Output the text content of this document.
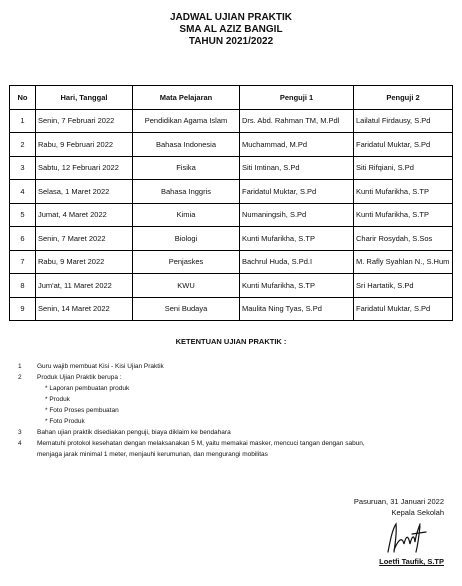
JADWAL UJIAN PRAKTIK
SMA AL AZIZ BANGIL
TAHUN 2021/2022
No	Hari, Tanggal	Mata Pelajaran	Penguji 1	Penguji 2
1	Senin, 7 Februari 2022	Pendidikan Agama Islam	Drs. Abd. Rahman TM, M.Pdl	Lailatul Firdausy, S.Pd
2	Rabu, 9 Februari 2022	Bahasa Indonesia	Muchammad, M.Pd	Faridatul Muktar, S.Pd
3	Sabtu, 12 Februari 2022	Fisika	Siti Imtinan, S.Pd	Siti Rifqiani, S.Pd
4	Selasa, 1 Maret 2022	Bahasa Inggris	Faridatul Muktar, S.Pd	Kunti Mufarikha, S.TP
5	Jumat, 4 Maret 2022	Kimia	Numaningsih, S.Pd	Kunti Mufarikha, S.TP
6	Senin, 7 Maret 2022	Biologi	Kunti Mufarikha, S.TP	Charir Rosydah, S.Sos
7	Rabu, 9 Maret 2022	Penjaskes	Bachrul Huda, S.Pd.I	M. Rafly Syahlan N., S.Hum
8	Jum'at, 11 Maret 2022	KWU	Kunti Mufarikha, S.TP	Sri Hartatik, S.Pd
9	Senin, 14 Maret 2022	Seni Budaya	Maulita Ning Tyas, S.Pd	Faridatul Muktar, S.Pd
KETENTUAN UJIAN PRAKTIK :
1	Guru wajib membuat Kisi - Kisi Ujian Praktik
2	Produk Ujian Praktik berupa :
* Laporan pembuatan produk
* Produk
* Foto Proses pembuatan
* Foto Produk
3	Bahan ujian praktik disediakan penguji, biaya diklaim ke bendahara
4	Mematuhi protokol kesehatan dengan melaksanakan 5 M, yaitu memakai masker, mencuci tangan dengan sabun,
menjaga jarak minimal 1 meter, menjauhi kerumunan, dan mengurangi mobilitas
Pasuruan, 31 Januari 2022
Kepala Sekolah
Loetfi Taufik, S.TP
